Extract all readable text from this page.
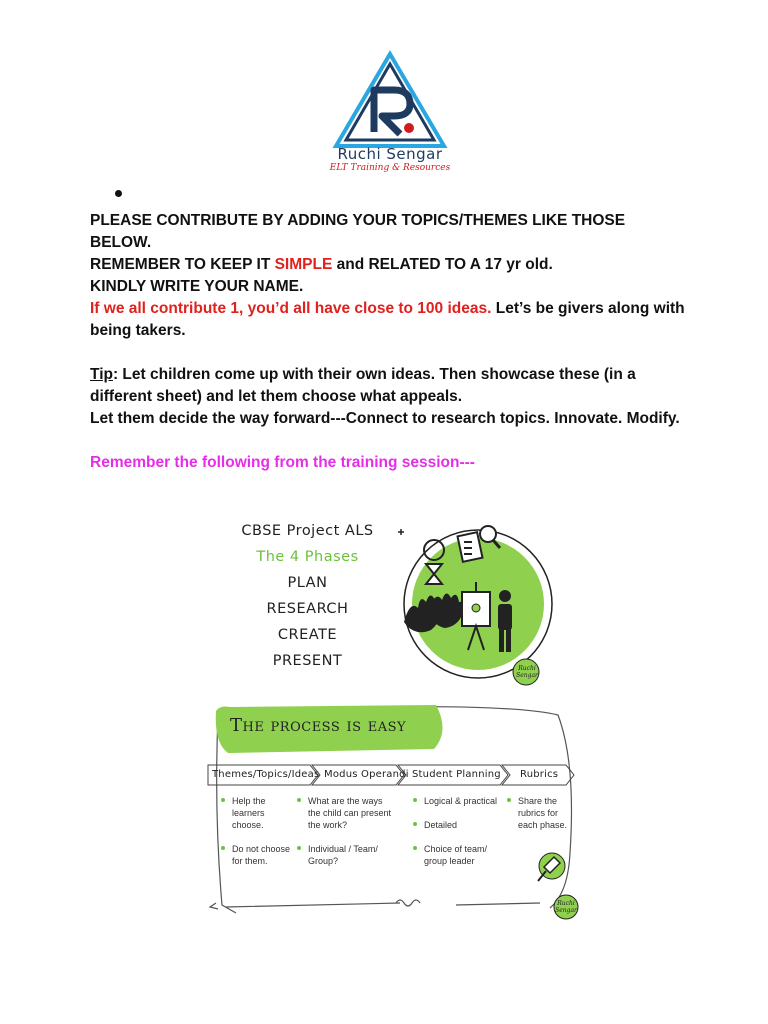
Ruchi Sengar
ELT Training & Resources

PLEASE CONTRIBUTE BY ADDING YOUR TOPICS/THEMES LIKE THOSE BELOW.

REMEMBER TO KEEP IT SIMPLE and RELATED TO A 17 yr old.

KINDLY WRITE YOUR NAME.

If we all contribute 1, you’d all have close to 100 ideas. Let’s be givers along with being takers.

Tip: Let children come up with their own ideas. Then showcase these (in a different sheet) and let them choose what appeals.

Let them decide the way forward---Connect to research topics. Innovate. Modify.

Remember the following from the training session---

CBSE Project ALS
The 4 Phases
PLAN
RESEARCH
CREATE
PRESENT	Ruchi
Sengar
The process is easy
Themes/Topics/Ideas Modus Operandi Student Planning Rubrics
Help the learners choose.
Do not choose for them.
What are the ways the child can present the work?
Individual / Team/ Group?
Logical & practical
Detailed
Choice of team/ group leader
Share the rubrics for each phase.
Ruchi
Sengar
